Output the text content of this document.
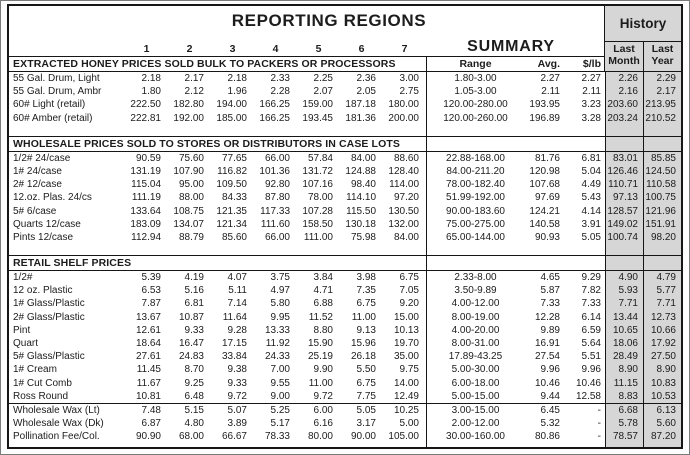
REPORTING REGIONS
SUMMARY
1	2	3	4	5	6	7
History
Last Month
Last Year
EXTRACTED HONEY PRICES SOLD BULK TO PACKERS OR PROCESSORS	Range	Avg.	$/lb
55 Gal. Drum, Light	2.18	2.17	2.18	2.33	2.25	2.36	3.00	1.80-3.00	2.27	2.27	2.26	2.29
55 Gal. Drum, Ambr	1.80	2.12	1.96	2.28	2.07	2.05	2.75	1.05-3.00	2.11	2.11	2.16	2.17
60# Light (retail)	222.50	182.80	194.00	166.25	159.00	187.18	180.00	120.00-280.00	193.95	3.23 203.60 213.95
60# Amber (retail)	222.81	192.00	185.00	166.25	193.45	181.36	200.00	120.00-260.00	196.89	3.28 203.24 210.52
WHOLESALE PRICES SOLD TO STORES OR DISTRIBUTORS IN CASE LOTS
1/2# 24/case	90.59	75.60	77.65	66.00	57.84	84.00	88.60	22.88-168.00	81.76	6.81	83.01	85.85
1# 24/case	131.19	107.90	116.82	101.36	131.72	124.88	128.40	84.00-211.20	120.98	5.04 126.46 124.50
2# 12/case	115.04	95.00	109.50	92.80	107.16	98.40	114.00	78.00-182.40	107.68	4.49 110.71 110.58
12.oz. Plas. 24/cs	111.19	88.00	84.33	87.80	78.00	114.10	97.20	51.99-192.00	97.69	5.43	97.13 100.75
5# 6/case	133.64	108.75	121.35	117.33	107.28	115.50	130.50	90.00-183.60	124.21	4.14 128.57 121.96
Quarts 12/case	183.09	134.07	121.34	111.60	158.50	130.18	132.00	75.00-275.00	140.58	3.91 149.02 151.91
Pints 12/case	112.94	88.79	85.60	66.00	111.00	75.98	84.00	65.00-144.00	90.93	5.05 100.74	98.20
RETAIL SHELF PRICES
1/2#	5.39	4.19	4.07	3.75	3.84	3.98	6.75	2.33-8.00	4.65	9.29	4.90	4.79
12 oz. Plastic	6.53	5.16	5.11	4.97	4.71	7.35	7.05	3.50-9.89	5.87	7.82	5.93	5.77
1# Glass/Plastic	7.87	6.81	7.14	5.80	6.88	6.75	9.20	4.00-12.00	7.33	7.33	7.71	7.71
2# Glass/Plastic	13.67	10.87	11.64	9.95	11.52	11.00	15.00	8.00-19.00	12.28	6.14	13.44	12.73
Pint	12.61	9.33	9.28	13.33	8.80	9.13	10.13	4.00-20.00	9.89	6.59	10.65	10.66
Quart	18.64	16.47	17.15	11.92	15.90	15.96	19.70	8.00-31.00	16.91	5.64	18.06	17.92
5# Glass/Plastic	27.61	24.83	33.84	24.33	25.19	26.18	35.00	17.89-43.25	27.54	5.51	28.49	27.50
1# Cream	11.45	8.70	9.38	7.00	9.90	5.50	9.75	5.00-30.00	9.96	9.96	8.90	8.90
1# Cut Comb	11.67	9.25	9.33	9.55	11.00	6.75	14.00	6.00-18.00	10.46	10.46	11.15	10.83
Ross Round	10.81	6.48	9.72	9.00	9.72	7.75	12.49	5.00-15.00	9.44	12.58	8.83	10.53
Wholesale Wax (Lt)	7.48	5.15	5.07	5.25	6.00	5.05	10.25	3.00-15.00	6.45	-	6.68	6.13
Wholesale Wax (Dk)	6.87	4.80	3.89	5.17	6.16	3.17	5.00	2.00-12.00	5.32	-	5.78	5.60
Pollination Fee/Col.	90.90	68.00	66.67	78.33	80.00	90.00	105.00	30.00-160.00	80.86	-	78.57	87.20
